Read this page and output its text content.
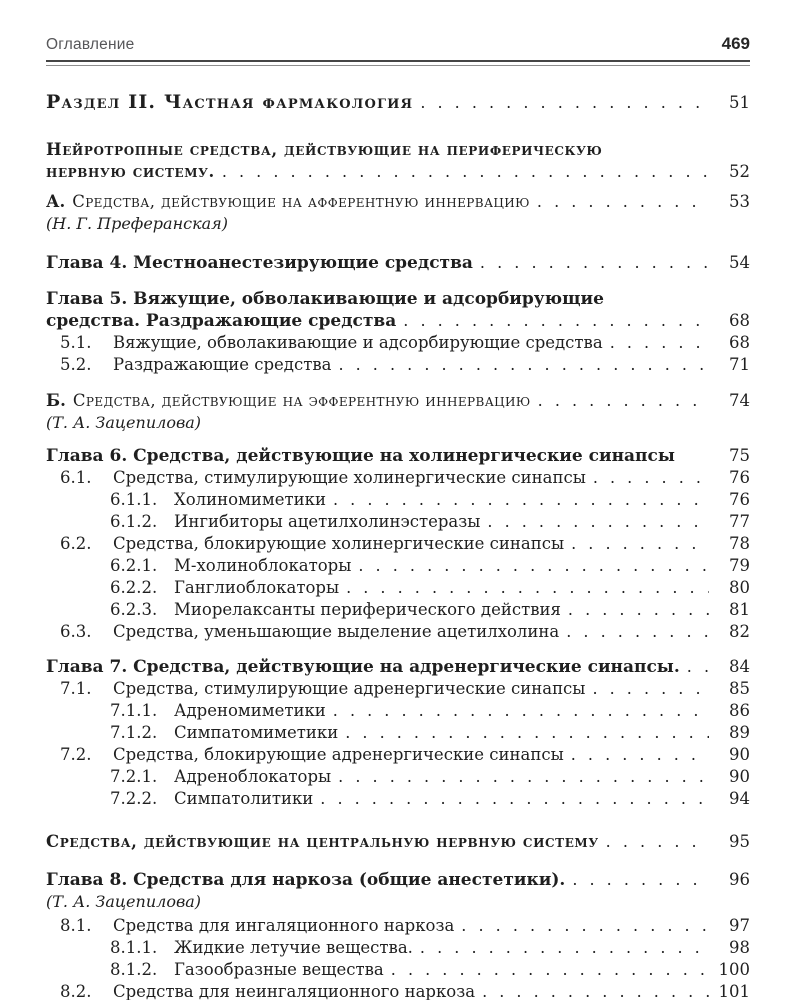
Оглавление	469
Раздел II. Частная фармакология . . .	51
Нейротропные средства, действующие на периферическую
нервную систему. . . .	52
А. Средства, действующие на афферентную иннервацию . . .	53
(Н. Г. Преферанская)
Глава 4. Местноанестезирующие средства . . .	54
Глава 5. Вяжущие, обволакивающие и адсорбирующие
средства. Раздражающие средства . . .	68
5.1.	Вяжущие, обволакивающие и адсорбирующие средства . . .	68
5.2.	Раздражающие средства . . .	71
Б. Средства, действующие на эфферентную иннервацию . . .	74
(Т. А. Зацепилова)
Глава 6. Средства, действующие на холинергические синапсы	75
6.1.	Средства, стимулирующие холинергические синапсы . . .	76
6.1.1.	Холиномиметики . . .	76
6.1.2.	Ингибиторы ацетилхолинэстеразы . . .	77
6.2.	Средства, блокирующие холинергические синапсы . . .	78
6.2.1.	М-холиноблокаторы . . .	79
6.2.2.	Ганглиоблокаторы . . .	80
6.2.3.	Миорелаксанты периферического действия . . .	81
6.3.	Средства, уменьшающие выделение ацетилхолина . . .	82
Глава 7. Средства, действующие на адренергические синапсы. . . .	84
7.1.	Средства, стимулирующие адренергические синапсы . . .	85
7.1.1.	Адреномиметики . . .	86
7.1.2.	Симпатомиметики . . .	89
7.2.	Средства, блокирующие адренергические синапсы . . .	90
7.2.1.	Адреноблокаторы . . .	90
7.2.2.	Симпатолитики . . .	94
Средства, действующие на центральную нервную систему . . .	95
Глава 8. Средства для наркоза (общие анестетики). . . .	96
(Т. А. Зацепилова)
8.1.	Средства для ингаляционного наркоза . . .	97
8.1.1.	Жидкие летучие вещества. . . .	98
8.1.2.	Газообразные вещества . . .	100
8.2.	Средства для неингаляционного наркоза . . .	101
